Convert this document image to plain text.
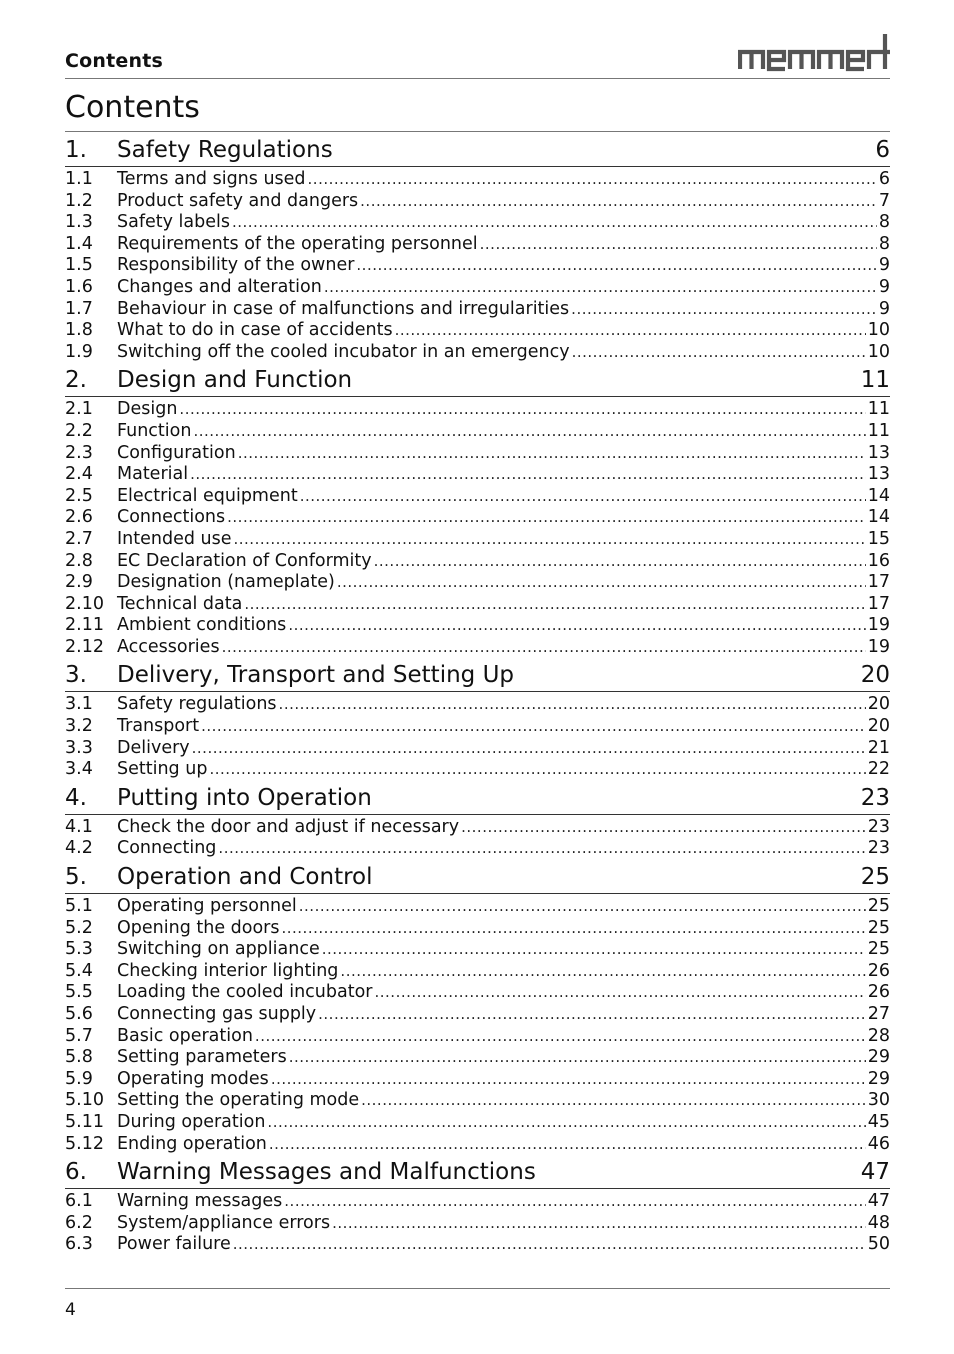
Contents
Contents
1.	Safety Regulations	6
1.1	Terms and signs used .....	6
1.2	Product safety and dangers .....	7
1.3	Safety labels .....	8
1.4	Requirements of the operating personnel .....	8
1.5	Responsibility of the owner .....	9
1.6	Changes and alteration .....	9
1.7	Behaviour in case of malfunctions and irregularities .....	9
1.8	What to do in case of accidents .....	10
1.9	Switching off the cooled incubator in an emergency .....	10
2.	Design and Function	11
2.1	Design .....	11
2.2	Function .....	11
2.3	Configuration .....	13
2.4	Material .....	13
2.5	Electrical equipment .....	14
2.6	Connections .....	14
2.7	Intended use .....	15
2.8	EC Declaration of Conformity .....	16
2.9	Designation (nameplate) .....	17
2.10 Technical data .....	17
2.11 Ambient conditions .....	19
2.12 Accessories .....	19
3.	Delivery, Transport and Setting Up	20
3.1	Safety regulations .....	20
3.2	Transport .....	20
3.3	Delivery .....	21
3.4	Setting up .....	22
4.	Putting into Operation	23
4.1	Check the door and adjust if necessary .....	23
4.2	Connecting .....	23
5.	Operation and Control	25
5.1	Operating personnel .....	25
5.2	Opening the doors .....	25
5.3	Switching on appliance .....	25
5.4	Checking interior lighting .....	26
5.5	Loading the cooled incubator .....	26
5.6	Connecting gas supply .....	27
5.7	Basic operation .....	28
5.8	Setting parameters .....	29
5.9	Operating modes .....	29
5.10 Setting the operating mode .....	30
5.11 During operation .....	45
5.12 Ending operation .....	46
6.	Warning Messages and Malfunctions	47
6.1	Warning messages .....	47
6.2	System/appliance errors .....	48
6.3	Power failure .....	50
4
